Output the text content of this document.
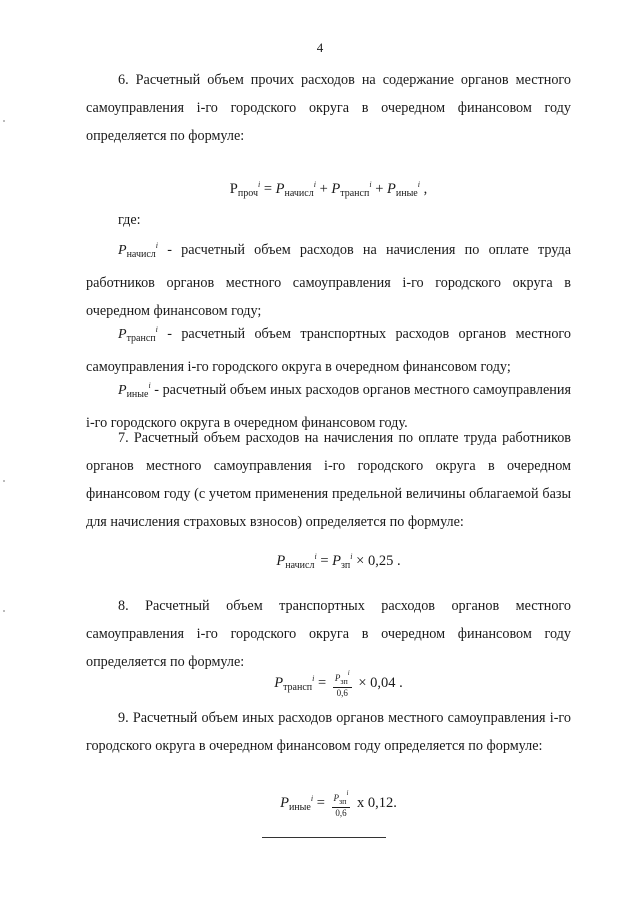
4

6. Расчетный объем прочих расходов на содержание органов местного самоуправления i-го городского округа в очередном финансовом году определяется по формуле:

$Р_{проч}^i = P_{начисл}^i + P_{трансп}^i + P_{иные}^i$ ,

где:

$P_{начисл}^i$ - расчетный объем расходов на начисления по оплате труда работников органов местного самоуправления i-го городского округа в очередном финансовом году;

$P_{трансп}^i$ - расчетный объем транспортных расходов органов местного самоуправления i-го городского округа в очередном финансовом году;

$P_{иные}^i$ - расчетный объем иных расходов органов местного самоуправления i-го городского округа в очередном финансовом году.

7. Расчетный объем расходов на начисления по оплате труда работников органов местного самоуправления i-го городского округа в очередном финансовом году (с учетом применения предельной величины облагаемой базы для начисления страховых взносов) определяется по формуле:

$P_{начисл}^i = P_{зп}^i \times 0,25$ .

8. Расчетный объем транспортных расходов органов местного самоуправления i-го городского округа в очередном финансовом году определяется по формуле:

$P_{трансп}^i = \frac{Pзп^i}{0,6} \times 0,04$ .

9. Расчетный объем иных расходов органов местного самоуправления i-го городского округа в очередном финансовом году определяется по формуле:

$P_{иные}^i = \frac{Pзп^i}{0,6}$ x 0,12.
